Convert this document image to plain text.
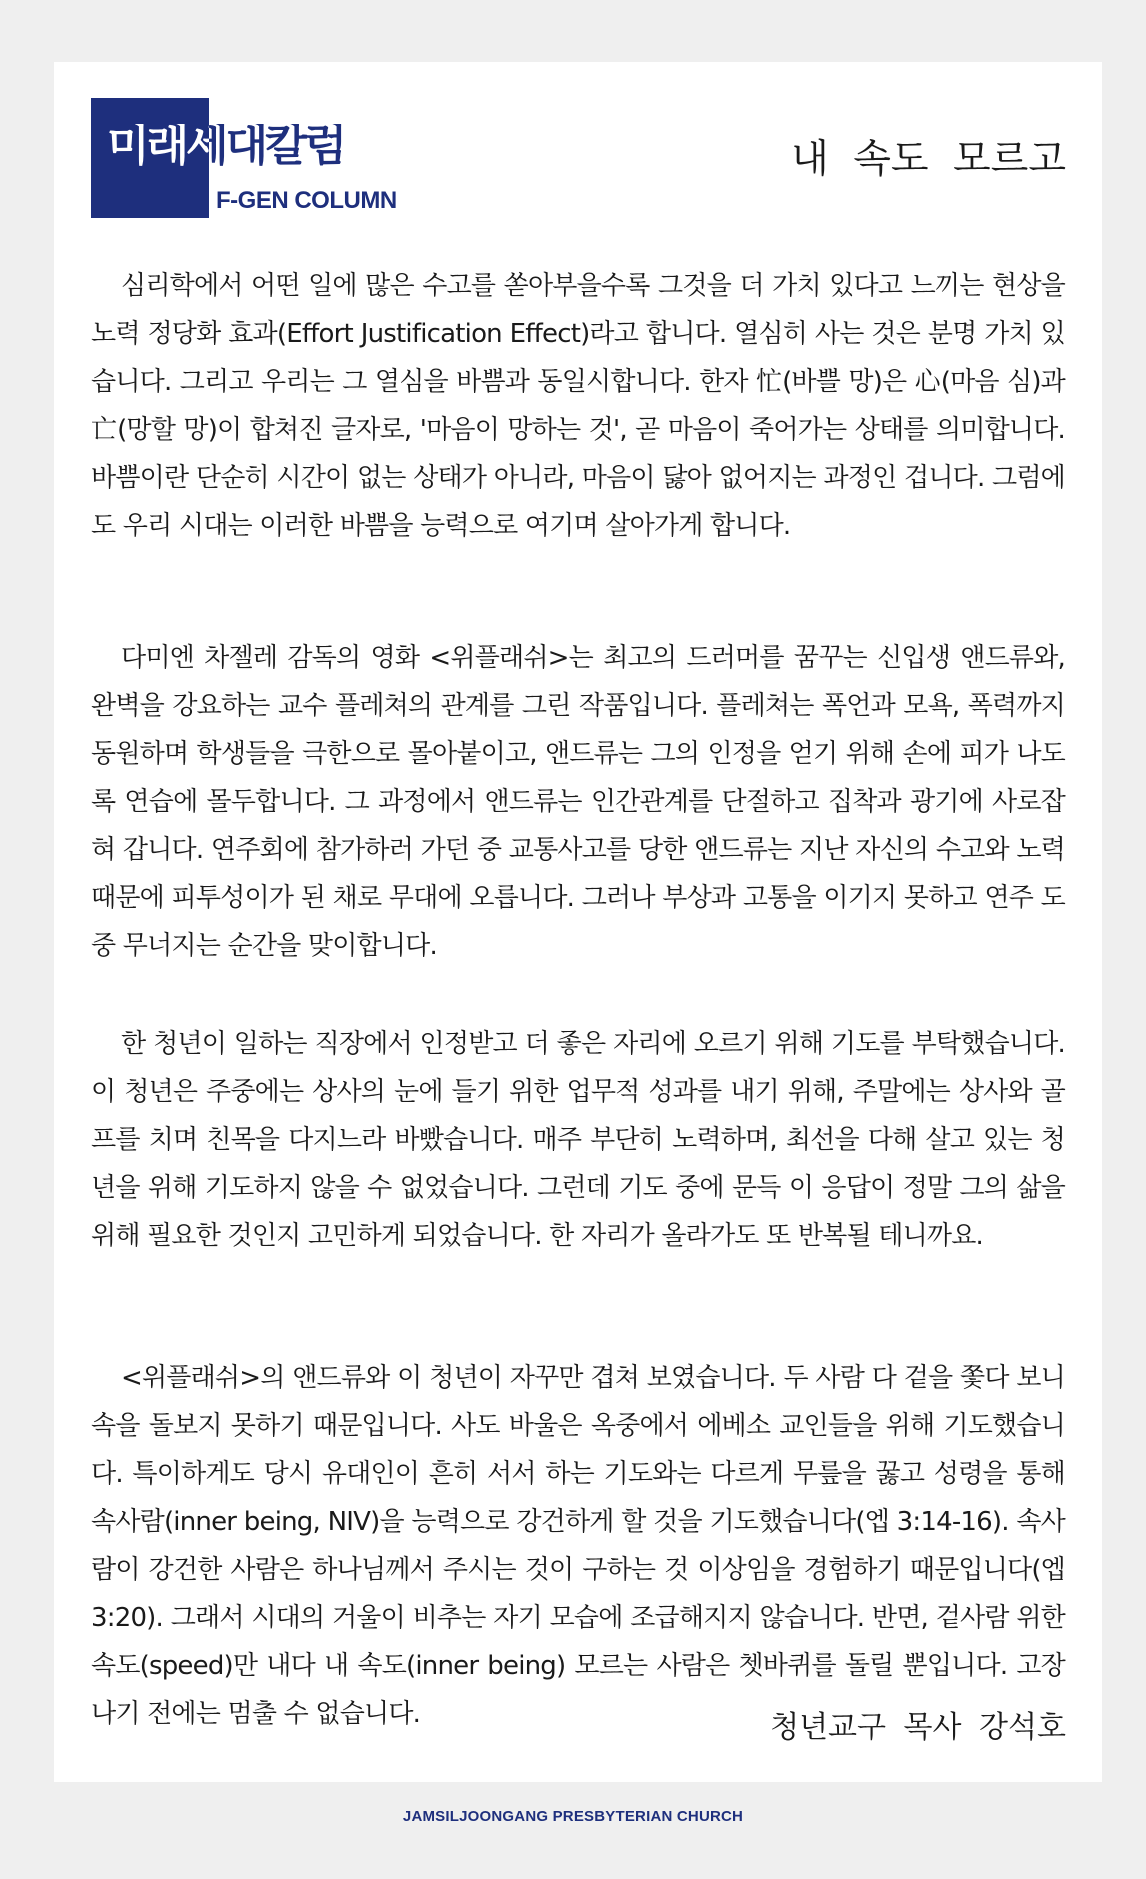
미래세대칼럼
F-GEN COLUMN
내 속도 모르고

심리학에서 어떤 일에 많은 수고를 쏟아부을수록 그것을 더 가치 있다고 느끼는 현상을 노력 정당화 효과(Effort Justification Effect)라고 합니다. 열심히 사는 것은 분명 가치 있습니다. 그리고 우리는 그 열심을 바쁨과 동일시합니다. 한자 忙(바쁠 망)은 心(마음 심)과 亡(망할 망)이 합쳐진 글자로, '마음이 망하는 것', 곧 마음이 죽어가는 상태를 의미합니다. 바쁨이란 단순히 시간이 없는 상태가 아니라, 마음이 닳아 없어지는 과정인 겁니다. 그럼에도 우리 시대는 이러한 바쁨을 능력으로 여기며 살아가게 합니다.

다미엔 차젤레 감독의 영화 <위플래쉬>는 최고의 드러머를 꿈꾸는 신입생 앤드류와, 완벽을 강요하는 교수 플레쳐의 관계를 그린 작품입니다. 플레쳐는 폭언과 모욕, 폭력까지 동원하며 학생들을 극한으로 몰아붙이고, 앤드류는 그의 인정을 얻기 위해 손에 피가 나도록 연습에 몰두합니다. 그 과정에서 앤드류는 인간관계를 단절하고 집착과 광기에 사로잡혀 갑니다. 연주회에 참가하러 가던 중 교통사고를 당한 앤드류는 지난 자신의 수고와 노력 때문에 피투성이가 된 채로 무대에 오릅니다. 그러나 부상과 고통을 이기지 못하고 연주 도중 무너지는 순간을 맞이합니다.

한 청년이 일하는 직장에서 인정받고 더 좋은 자리에 오르기 위해 기도를 부탁했습니다. 이 청년은 주중에는 상사의 눈에 들기 위한 업무적 성과를 내기 위해, 주말에는 상사와 골프를 치며 친목을 다지느라 바빴습니다. 매주 부단히 노력하며, 최선을 다해 살고 있는 청년을 위해 기도하지 않을 수 없었습니다. 그런데 기도 중에 문득 이 응답이 정말 그의 삶을 위해 필요한 것인지 고민하게 되었습니다. 한 자리가 올라가도 또 반복될 테니까요.

<위플래쉬>의 앤드류와 이 청년이 자꾸만 겹쳐 보였습니다. 두 사람 다 겉을 쫓다 보니 속을 돌보지 못하기 때문입니다. 사도 바울은 옥중에서 에베소 교인들을 위해 기도했습니다. 특이하게도 당시 유대인이 흔히 서서 하는 기도와는 다르게 무릎을 꿇고 성령을 통해 속사람(inner being, NIV)을 능력으로 강건하게 할 것을 기도했습니다(엡 3:14-16). 속사람이 강건한 사람은 하나님께서 주시는 것이 구하는 것 이상임을 경험하기 때문입니다(엡3:20). 그래서 시대의 거울이 비추는 자기 모습에 조급해지지 않습니다. 반면, 겉사람 위한 속도(speed)만 내다 내 속도(inner being) 모르는 사람은 쳇바퀴를 돌릴 뿐입니다. 고장 나기 전에는 멈출 수 없습니다.	청년교구 목사 강석호
JAMSILJOONGANG PRESBYTERIAN CHURCH
